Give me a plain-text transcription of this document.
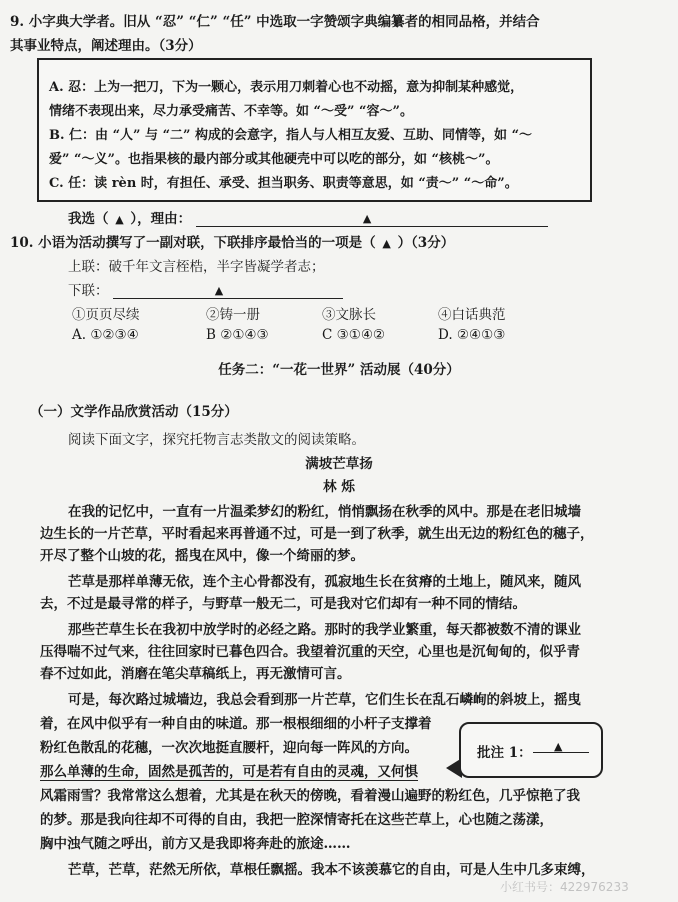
9. 小字典大学者。旧从 “忍” “仁” “任” 中选取一字赞颂字典编纂者的相同品格，并结合
其事业特点，阐述理由。（3分）
A. 忍：上为一把刀，下为一颗心，表示用刀刺着心也不动摇，意为抑制某种感觉，
情绪不表现出来，尽力承受痛苦、不幸等。如 “～受” “容～”。
B. 仁：由 “人” 与 “二” 构成的会意字，指人与人相互友爱、互助、同情等，如 “～
爱” “～义”。也指果核的最内部分或其他硬壳中可以吃的部分，如 “核桃～”。
C. 任：读 rèn 时，有担任、承受、担当职务、职责等意思，如 “责～” “～命”。
我选（ ▲ ），理由：	▲
10. 小语为活动撰写了一副对联，下联排序最恰当的一项是（ ▲ ）（3分）
上联：破千年文言桎梏，半字皆凝学者志；
下联：	▲
①页页尽续	②铸一册	③文脉长	④白话典范
A. ①②③④	B ②①④③	C ③①④②	D. ②④①③
任务二：“一花一世界” 活动展（40分）
（一）文学作品欣赏活动（15分）
阅读下面文字，探究托物言志类散文的阅读策略。
满坡芒草扬
林 烁
在我的记忆中，一直有一片温柔梦幻的粉红，悄悄飘扬在秋季的风中。那是在老旧城墙
边生长的一片芒草，平时看起来再普通不过，可是一到了秋季，就生出无边的粉红色的穗子，
开尽了整个山坡的花，摇曳在风中，像一个绮丽的梦。
芒草是那样单薄无依，连个主心骨都没有，孤寂地生长在贫瘠的土地上，随风来，随风
去，不过是最寻常的样子，与野草一般无二，可是我对它们却有一种不同的情结。
那些芒草生长在我初中放学时的必经之路。那时的我学业繁重，每天都被数不清的课业
压得喘不过气来，往往回家时已暮色四合。我望着沉重的天空，心里也是沉甸甸的，似乎青
春不过如此，消磨在笔尖草稿纸上，再无激情可言。
可是，每次路过城墙边，我总会看到那一片芒草，它们生长在乱石嶙峋的斜坡上，摇曳
着，在风中似乎有一种自由的味道。那一根根细细的小杆子支撑着
粉红色散乱的花穗，一次次地挺直腰杆，迎向每一阵风的方向。
那么单薄的生命，固然是孤苦的，可是若有自由的灵魂，又何惧
风霜雨雪？我常常这么想着，尤其是在秋天的傍晚，看着漫山遍野的粉红色，几乎惊艳了我
的梦。那是我向往却不可得的自由，我把一腔深情寄托在这些芒草上，心也随之荡漾，
胸中浊气随之呼出，前方又是我即将奔赴的旅途……
芒草，芒草，茫然无所依，草根任飘摇。我本不该羡慕它的自由，可是人生中几多束缚，
批注 1： ▲
小红书号：422976233
